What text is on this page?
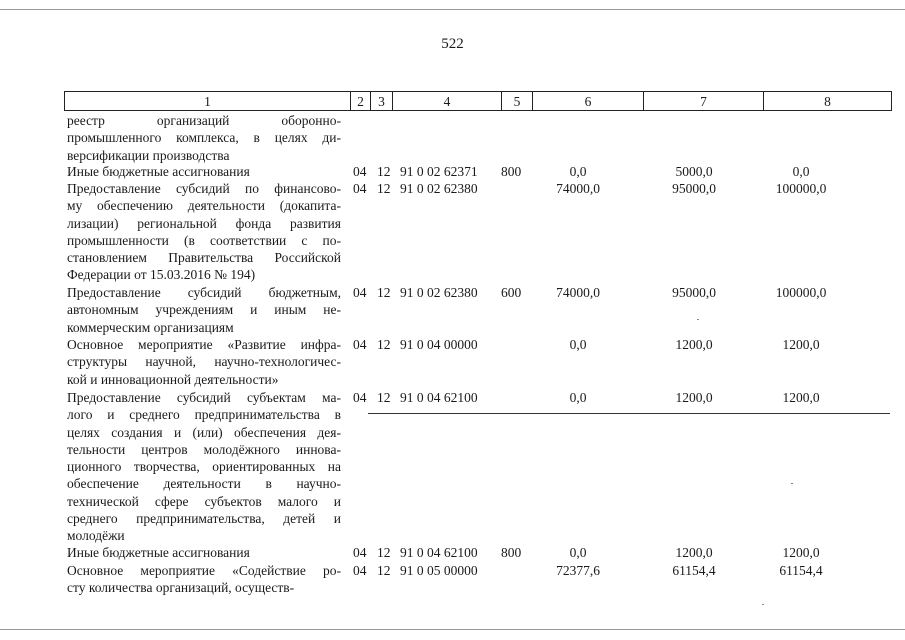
522
1	2	3	4	5	6	7	8
реестр организаций оборонно-
промышленного комплекса, в целях ди-
версификации производства
Иные бюджетные ассигнования	04 12 91 0 02 62371 800	0,0	5000,0	0,0
Предоставление субсидий по финансово-
му обеспечению деятельности (докапита-
лизации) региональной фонда развития
промышленности (в соответствии с по-
становлением Правительства Российской
Федерации от 15.03.2016 № 194)
04 12 91 0 02 62380	74000,0	95000,0	100000,0
Предоставление субсидий бюджетным,
автономным учреждениям и иным не-
коммерческим организациям
04 12 91 0 02 62380 600	74000,0	95000,0	100000,0
Основное мероприятие «Развитие инфра-
структуры научной, научно-технологичес-
кой и инновационной деятельности»
04 12 91 0 04 00000	0,0	1200,0	1200,0
Предоставление субсидий субъектам ма-
лого и среднего предпринимательства в
целях создания и (или) обеспечения дея-
тельности центров молодёжного иннова-
ционного творчества, ориентированных на
обеспечение деятельности в научно-
технической сфере субъектов малого и
среднего предпринимательства, детей и
молодёжи
04 12 91 0 04 62100	0,0	1200,0	1200,0
Иные бюджетные ассигнования	04 12 91 0 04 62100 800	0,0	1200,0	1200,0
Основное мероприятие «Содействие ро-
сту количества организаций, осуществ-
04 12 91 0 05 00000	72377,6	61154,4	61154,4
